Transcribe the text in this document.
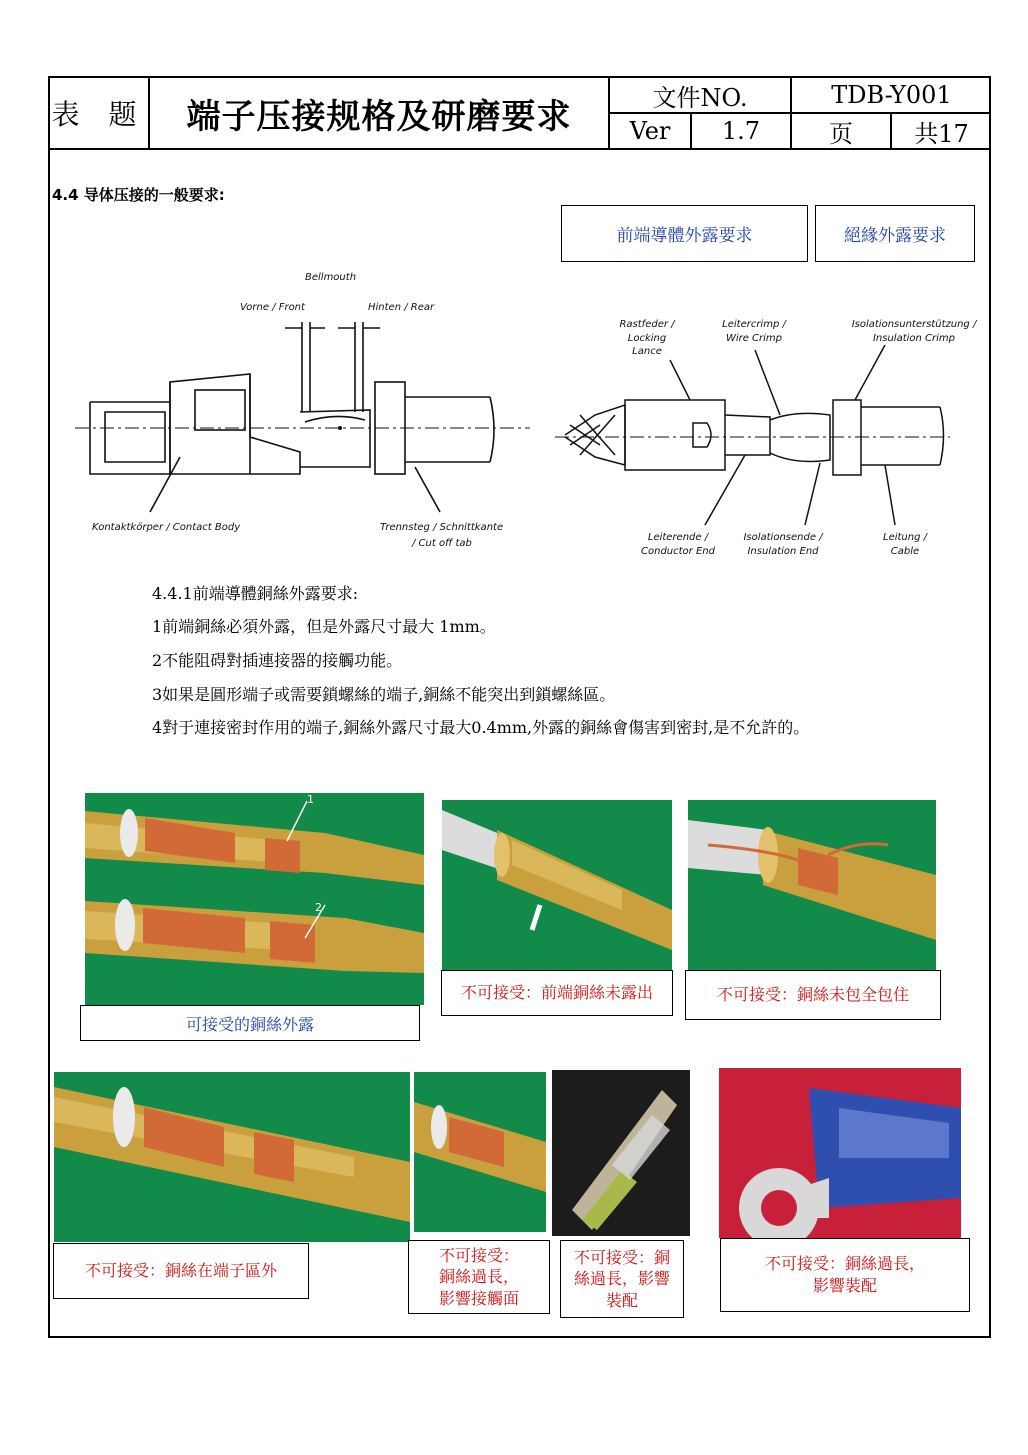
表 题	端子压接规格及研磨要求	文件NO.	TDB-Y001
Ver	1.7	页	共17
4.4 导体压接的一般要求:
前端導體外露要求	絕緣外露要求
Bellmouth
Vorne / Front	Hinten / Rear
Kontaktkörper / Contact Body	Trennsteg / Schnittkante
/ Cut off tab
Rastfeder /
Locking Lance
Leitercrimp /
Wire Crimp
Isolationsunterstützung /
Insulation Crimp
Leiterende /
Conductor End
Isolationsende /
Insulation End
Leitung /
Cable
4.4.1前端導體銅絲外露要求:
1前端銅絲必須外露，但是外露尺寸最大 1mm。
2不能阻碍對插連接器的接觸功能。
3如果是圓形端子或需要鎖螺絲的端子,銅絲不能突出到鎖螺絲區。
4對于連接密封作用的端子,銅絲外露尺寸最大0.4mm,外露的銅絲會傷害到密封,是不允許的。
1
2
可接受的銅絲外露
不可接受：前端銅絲未露出	不可接受：銅絲未包全包住
不可接受：銅絲在端子區外
不可接受：
銅絲過長，
影響接觸面
不可接受：銅
絲過長，影響
裝配
不可接受：銅絲過長，
影響裝配
